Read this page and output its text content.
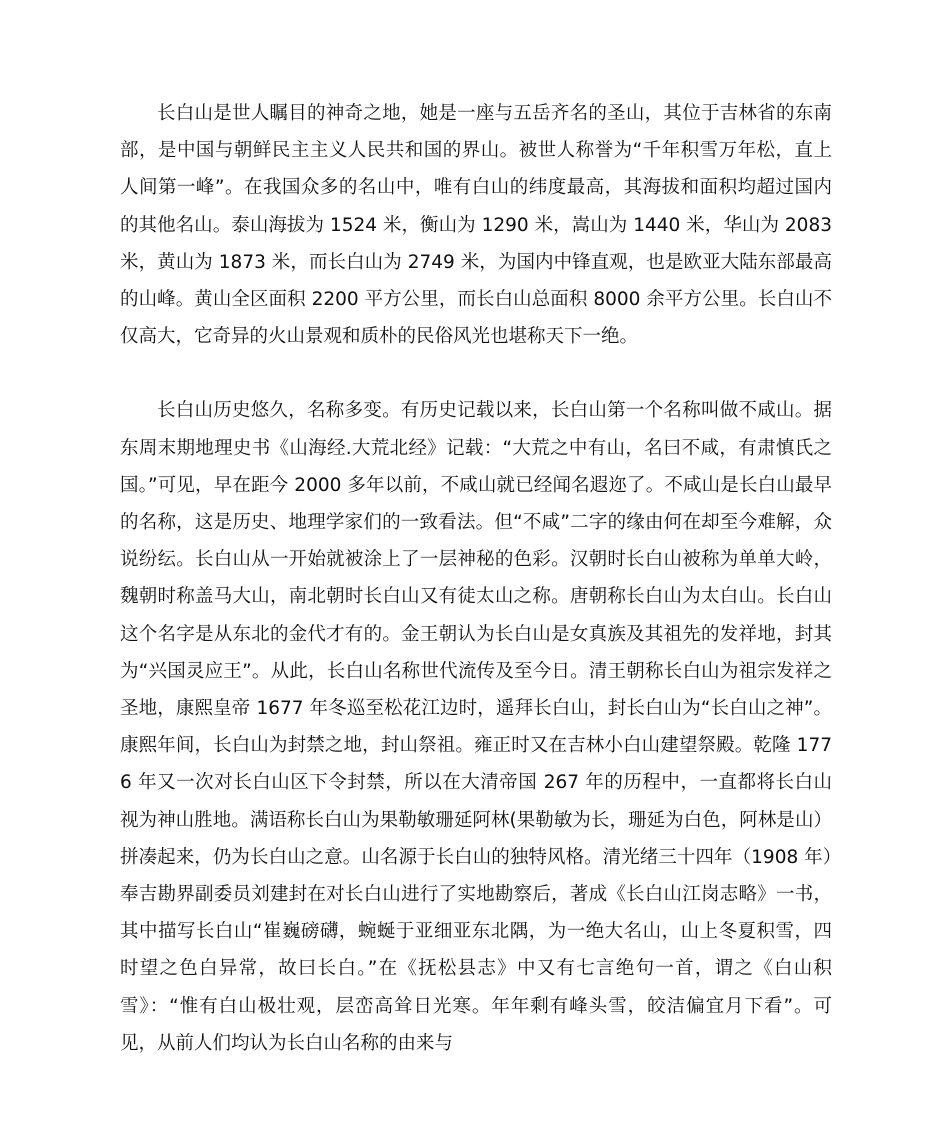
长白山是世人瞩目的神奇之地，她是一座与五岳齐名的圣山，其位于吉林省的东南部，是中国与朝鲜民主主义人民共和国的界山。被世人称誉为“千年积雪万年松，直上人间第一峰”。在我国众多的名山中，唯有白山的纬度最高，其海拔和面积均超过国内的其他名山。泰山海拔为 1524 米，衡山为 1290 米，嵩山为 1440 米，华山为 2083 米，黄山为 1873 米，而长白山为 2749 米，为国内中锋直观，也是欧亚大陆东部最高的山峰。黄山全区面积 2200 平方公里，而长白山总面积 8000 余平方公里。长白山不仅高大，它奇异的火山景观和质朴的民俗风光也堪称天下一绝。

长白山历史悠久，名称多变。有历史记载以来，长白山第一个名称叫做不咸山。据东周末期地理史书《山海经.大荒北经》记载：“大荒之中有山，名曰不咸，有肃慎氏之国。”可见，早在距今 2000 多年以前，不咸山就已经闻名遐迩了。不咸山是长白山最早的名称，这是历史、地理学家们的一致看法。但“不咸”二字的缘由何在却至今难解，众说纷纭。长白山从一开始就被涂上了一层神秘的色彩。汉朝时长白山被称为单单大岭，魏朝时称盖马大山，南北朝时长白山又有徒太山之称。唐朝称长白山为太白山。长白山这个名字是从东北的金代才有的。金王朝认为长白山是女真族及其祖先的发祥地，封其为“兴国灵应王”。从此，长白山名称世代流传及至今日。清王朝称长白山为祖宗发祥之圣地，康熙皇帝 1677 年冬巡至松花江边时，遥拜长白山，封长白山为“长白山之神”。康熙年间，长白山为封禁之地，封山祭祖。雍正时又在吉林小白山建望祭殿。乾隆 1776 年又一次对长白山区下令封禁，所以在大清帝国 267 年的历程中，一直都将长白山视为神山胜地。满语称长白山为果勒敏珊延阿林(果勒敏为长，珊延为白色，阿林是山）拼凑起来，仍为长白山之意。山名源于长白山的独特风格。清光绪三十四年（1908 年）奉吉勘界副委员刘建封在对长白山进行了实地勘察后，著成《长白山江岗志略》一书，其中描写长白山“崔巍磅礴，蜿蜒于亚细亚东北隅，为一绝大名山，山上冬夏积雪，四时望之色白异常，故曰长白。”在《抚松县志》中又有七言绝句一首，谓之《白山积雪》：“惟有白山极壮观，层峦高耸日光寒。年年剩有峰头雪，皎洁偏宜月下看”。可见，从前人们均认为长白山名称的由来与
